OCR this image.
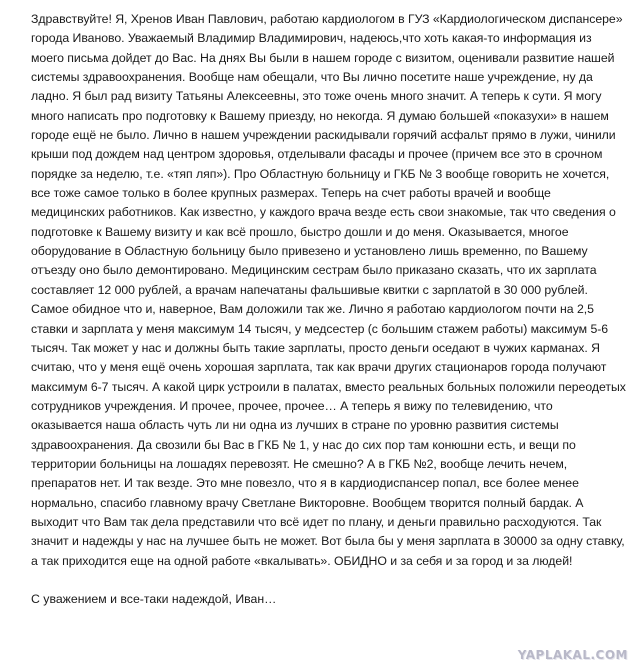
Здравствуйте! Я, Хренов Иван Павлович, работаю кардиологом в ГУЗ «Кардиологическом диспансере» города Иваново. Уважаемый Владимир Владимирович, надеюсь,что хоть какая-то информация из моего письма дойдет до Вас. На днях Вы были в нашем городе с визитом, оценивали развитие нашей системы здравоохранения. Вообще нам обещали, что Вы лично посетите наше учреждение, ну да ладно. Я был рад визиту Татьяны Алексеевны, это тоже очень много значит. А теперь к сути. Я могу много написать про подготовку к Вашему приезду, но некогда. Я думаю большей «показухи» в нашем городе ещё не было. Лично в нашем учреждении раскидывали горячий асфальт прямо в лужи, чинили крыши под дождем над центром здоровья, отделывали фасады и прочее (причем все это в срочном порядке за неделю, т.е. «тяп ляп»). Про Областную больницу и ГКБ № 3 вообще говорить не хочется, все тоже самое только в более крупных размерах. Теперь на счет работы врачей и вообще медицинских работников. Как известно, у каждого врача везде есть свои знакомые, так что сведения о подготовке к Вашему визиту и как всё прошло, быстро дошли и до меня. Оказывается, многое оборудование в Областную больницу было привезено и установлено лишь временно, по Вашему отъезду оно было демонтировано. Медицинским сестрам было приказано сказать, что их зарплата составляет 12 000 рублей, а врачам напечатаны фальшивые квитки с зарплатой в 30 000 рублей. Самое обидное что и, наверное, Вам доложили так же. Лично я работаю кардиологом почти на 2,5 ставки и зарплата у меня максимум 14 тысяч, у медсестер (с большим стажем работы) максимум 5-6 тысяч. Так может у нас и должны быть такие зарплаты, просто деньги оседают в чужих карманах. Я считаю, что у меня ещё очень хорошая зарплата, так как врачи других стационаров города получают максимум 6-7 тысяч. А какой цирк устроили в палатах, вместо реальных больных положили переодетых сотрудников учреждения. И прочее, прочее, прочее… А теперь я вижу по телевидению, что оказывается наша область чуть ли ни одна из лучших в стране по уровню развития системы здравоохранения. Да свозили бы Вас в ГКБ № 1, у нас до сих пор там конюшни есть, и вещи по территории больницы на лошадях перевозят. Не смешно? А в ГКБ №2, вообще лечить нечем, препаратов нет. И так везде. Это мне повезло, что я в кардиодиспансер попал, все более менее нормально, спасибо главному врачу Светлане Викторовне. Вообщем творится полный бардак. А выходит что Вам так дела представили что всё идет по плану, и деньги правильно расходуются. Так значит и надежды у нас на лучшее быть не может. Вот была бы у меня зарплата в 30000 за одну ставку, а так приходится еще на одной работе «вкалывать». ОБИДНО и за себя и за город и за людей!

С уважением и все-таки надеждой, Иван…

YAPLAKAL.COM
